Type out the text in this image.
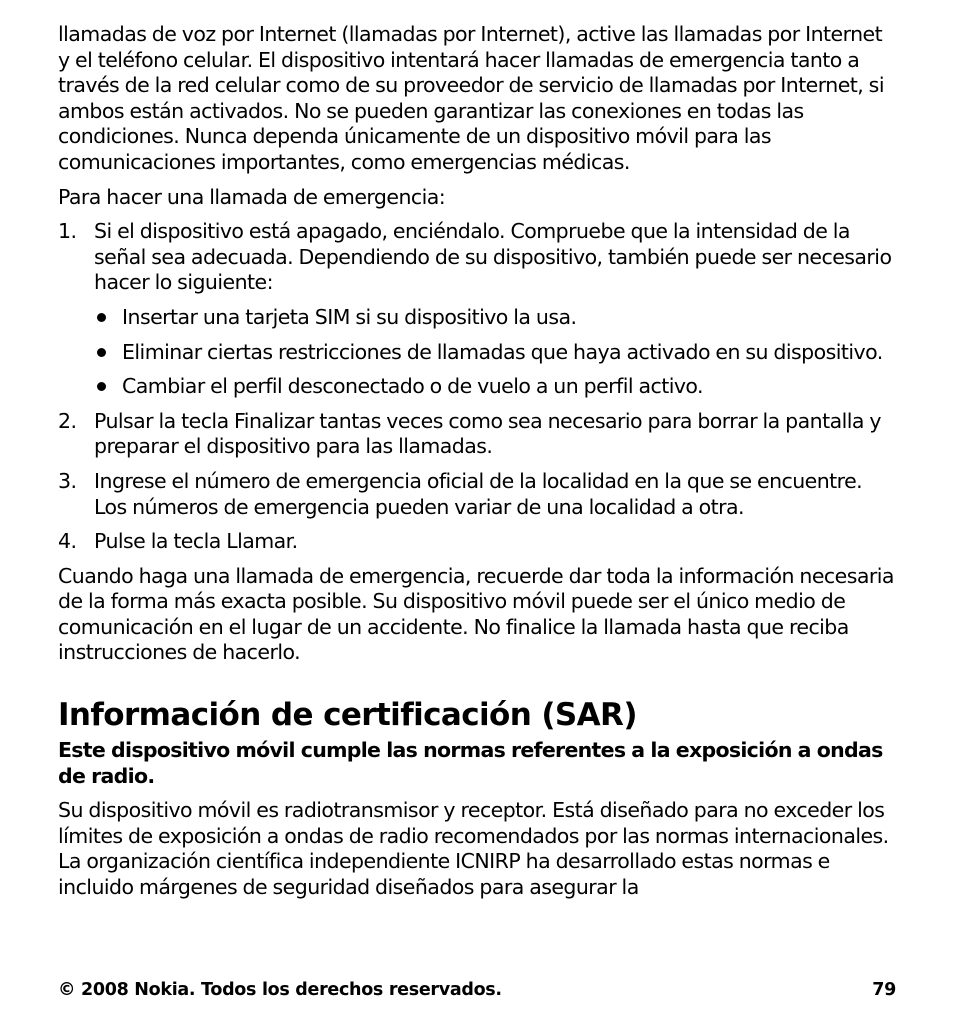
llamadas de voz por Internet (llamadas por Internet), active las llamadas por Internet y el teléfono celular. El dispositivo intentará hacer llamadas de emergencia tanto a través de la red celular como de su proveedor de servicio de llamadas por Internet, si ambos están activados. No se pueden garantizar las conexiones en todas las condiciones. Nunca dependa únicamente de un dispositivo móvil para las comunicaciones importantes, como emergencias médicas.

Para hacer una llamada de emergencia:

1. Si el dispositivo está apagado, enciéndalo. Compruebe que la intensidad de la señal sea adecuada. Dependiendo de su dispositivo, también puede ser necesario hacer lo siguiente:
Insertar una tarjeta SIM si su dispositivo la usa.
Eliminar ciertas restricciones de llamadas que haya activado en su dispositivo.
Cambiar el perfil desconectado o de vuelo a un perfil activo.
2. Pulsar la tecla Finalizar tantas veces como sea necesario para borrar la pantalla y preparar el dispositivo para las llamadas.
3. Ingrese el número de emergencia oficial de la localidad en la que se encuentre. Los números de emergencia pueden variar de una localidad a otra.
4. Pulse la tecla Llamar.

Cuando haga una llamada de emergencia, recuerde dar toda la información necesaria de la forma más exacta posible. Su dispositivo móvil puede ser el único medio de comunicación en el lugar de un accidente. No finalice la llamada hasta que reciba instrucciones de hacerlo.

Información de certificación (SAR)

Este dispositivo móvil cumple las normas referentes a la exposición a ondas de radio.

Su dispositivo móvil es radiotransmisor y receptor. Está diseñado para no exceder los límites de exposición a ondas de radio recomendados por las normas internacionales. La organización científica independiente ICNIRP ha desarrollado estas normas e incluido márgenes de seguridad diseñados para asegurar la

© 2008 Nokia. Todos los derechos reservados.	79
